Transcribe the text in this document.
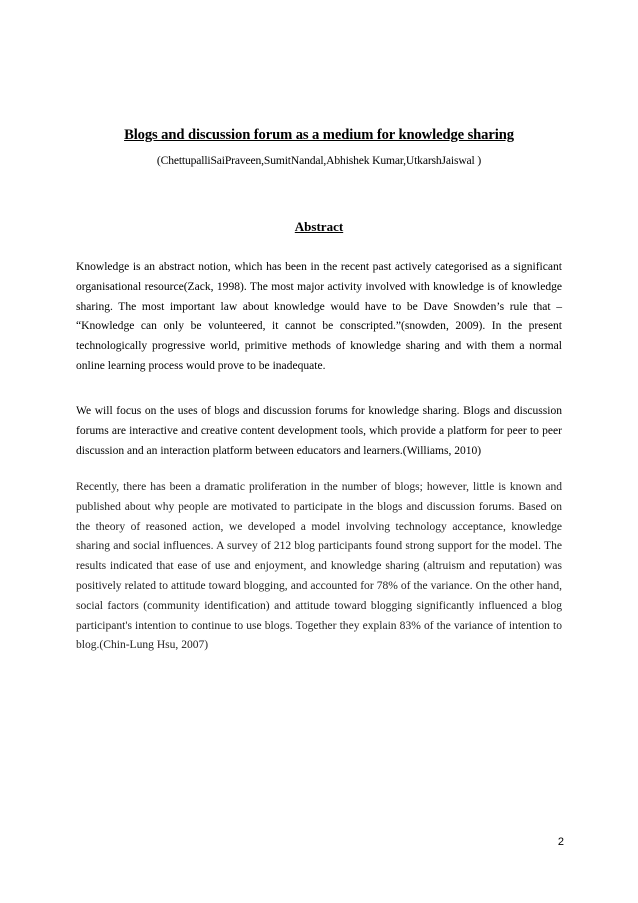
Blogs and discussion forum as a medium for knowledge sharing
(ChettupalliSaiPraveen,SumitNandal,Abhishek Kumar,UtkarshJaiswal )
Abstract

Knowledge is an abstract notion, which has been in the recent past actively categorised as a significant organisational resource(Zack, 1998). The most major activity involved with knowledge is of knowledge sharing. The most important law about knowledge would have to be Dave Snowden’s rule that – “Knowledge can only be volunteered, it cannot be conscripted.”(snowden, 2009). In the present technologically progressive world, primitive methods of knowledge sharing and with them a normal online learning process would prove to be inadequate.

We will focus on the uses of blogs and discussion forums for knowledge sharing. Blogs and discussion forums are interactive and creative content development tools, which provide a platform for peer to peer discussion and an interaction platform between educators and learners.(Williams, 2010)

Recently, there has been a dramatic proliferation in the number of blogs; however, little is known and published about why people are motivated to participate in the blogs and discussion forums. Based on the theory of reasoned action, we developed a model involving technology acceptance, knowledge sharing and social influences. A survey of 212 blog participants found strong support for the model. The results indicated that ease of use and enjoyment, and knowledge sharing (altruism and reputation) was positively related to attitude toward blogging, and accounted for 78% of the variance. On the other hand, social factors (community identification) and attitude toward blogging significantly influenced a blog participant's intention to continue to use blogs. Together they explain 83% of the variance of intention to blog.(Chin-Lung Hsu, 2007)

2
